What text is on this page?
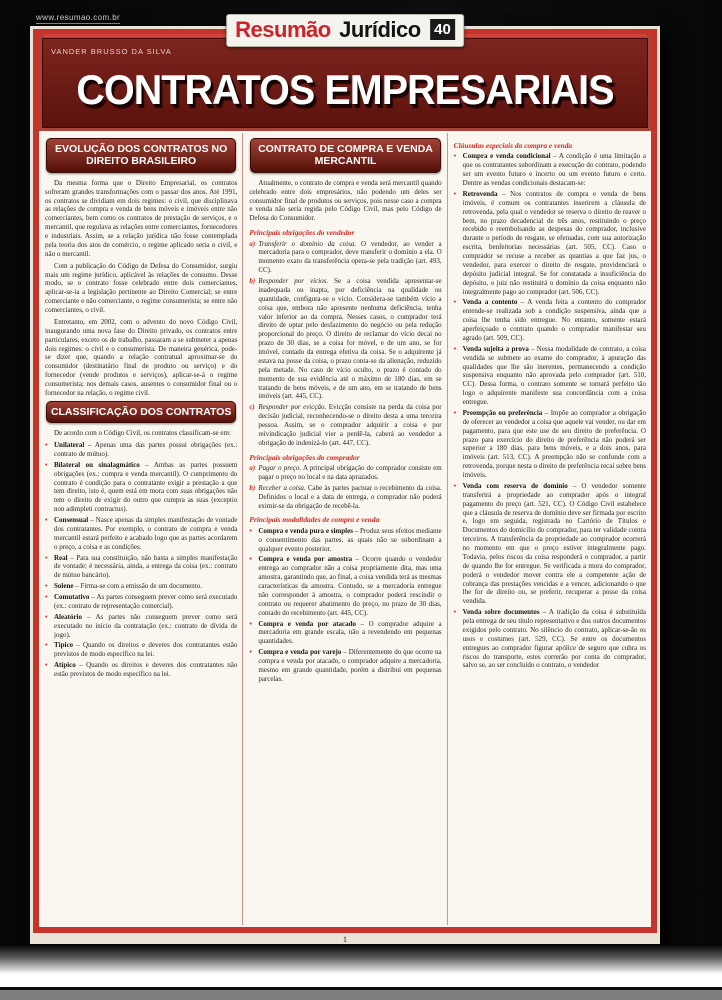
www.resumao.com.br	Resumão Jurídico 40
VANDER BRUSSO DA SILVA
CONTRATOS EMPRESARIAIS
EVOLUÇÃO DOS CONTRATOS NO DIREITO BRASILEIRO
Da mesma forma que o Direito Empresarial, os contratos sofreram grandes transformações com o passar dos anos. Até 1991, os contratos se dividiam em dois regimes: o civil, que disciplinava as relações de compra e venda de bens móveis e imóveis entre não comerciantes, bem como os contratos de prestação de serviços, e o mercantil, que regulava as relações entre comerciantes, fornecedores e industriais. Assim, se a relação jurídica não fosse contemplada pela teoria dos atos de comércio, o regime aplicado seria o civil, e não o mercantil.
Com a publicação do Código de Defesa do Consumidor, surgiu mais um regime jurídico, aplicável às relações de consumo. Desse modo, se o contrato fosse celebrado entre dois comerciantes, aplicar-se-ia a legislação pertinente ao Direito Comercial; se entre comerciante e não comerciante, o regime consumerista; se entre não comerciantes, o civil.
Entretanto, em 2002, com o advento do novo Código Civil, inaugurando uma nova fase do Direito privado, os contratos entre particulares, exceto os de trabalho, passaram a se submeter a apenas dois regimes: o civil e o consumerista. De maneira genérica, pode-se dizer que, quando a relação contratual aproximar-se do consumidor (destinatário final de produto ou serviço) e do fornecedor (vende produtos e serviços), aplicar-se-á o regime consumerista; nos demais casos, ausentes o consumidor final ou o fornecedor na relação, o regime civil.
CLASSIFICAÇÃO DOS CONTRATOS
De acordo com o Código Civil, os contratos classificam-se em:
• Unilateral – Apenas uma das partes possui obrigações (ex.: contrato de mútuo).
• Bilateral ou sinalagmático – Ambas as partes possuem obrigações (ex.: compra e venda mercantil). O cumprimento do contrato é condição para o contratante exigir a prestação a que tem direito, isto é, quem está em mora com suas obrigações não tem o direito de exigir do outro que cumpra as suas (exceptio non adimpleti contractus).
• Consensual – Nasce apenas da simples manifestação de vontade dos contratantes. Por exemplo, o contrato de compra e venda mercantil estará perfeito e acabado logo que as partes acordarem o preço, a coisa e as condições.
• Real – Para sua constituição, não basta a simples manifestação de vontade; é necessária, ainda, a entrega da coisa (ex.: contrato de mútuo bancário).
• Solene – Firma-se com a emissão de um documento.
• Comutativo – As partes conseguem prever como será executado (ex.: contrato de representação comercial).
• Aleatório – As partes não conseguem prever como será executado no início da contratação (ex.: contrato de dívida de jogo).
• Típico – Quando os direitos e deveres dos contratantes estão previstos de modo específico na lei.
• Atípico – Quando os direitos e deveres dos contratantes não estão previstos de modo específico na lei.
CONTRATO DE COMPRA E VENDA MERCANTIL
Atualmente, o contrato de compra e venda será mercantil quando celebrado entre dois empresários, não podendo um deles ser consumidor final de produtos ou serviços, pois nesse caso a compra e venda não seria regida pelo Código Civil, mas pelo Código de Defesa do Consumidor.
Principais obrigações do vendedor
a) Transferir o domínio da coisa. O vendedor, ao vender a mercadoria para o comprador, deve transferir o domínio a ela. O momento exato da transferência opera-se pela tradição (art. 493, CC).
b) Responder por vícios. Se a coisa vendida apresentar-se inadequada ou inapta, por deficiência na qualidade ou quantidade, configura-se o vício. Considera-se também vício a coisa que, embora não apresente nenhuma deficiência, tenha valor inferior ao da compra. Nesses casos, o comprador terá direito de optar pelo desfazimento do negócio ou pela redução proporcional do preço. O direito de reclamar do vício decai no prazo de 30 dias, se a coisa for móvel, e de um ano, se for imóvel, contado da entrega efetiva da coisa. Se o adquirente já estava na posse da coisa, o prazo conta-se da alienação, reduzido pela metade. No caso de vício oculto, o prazo é contado do momento de sua evidência até o máximo de 180 dias, em se tratando de bens móveis, e de um ano, em se tratando de bens imóveis (art. 445, CC).
c) Responder por evicção. Evicção consiste na perda da coisa por decisão judicial, reconhecendo-se o direito desta a uma terceira pessoa. Assim, se o comprador adquirir a coisa e por reivindicação judicial vier a perdê-la, caberá ao vendedor a obrigação de indenizá-lo (art. 447, CC).
Principais obrigações do comprador
a) Pagar o preço. A principal obrigação do comprador consiste em pagar o preço no local e na data aprazados.
b) Receber a coisa. Cabe às partes pactuar o recebimento da coisa. Definidos o local e a data de entrega, o comprador não poderá eximir-se da obrigação de recebê-la.
Principais modalidades de compra e venda
• Compra e venda pura e simples – Produz seus efeitos mediante o consentimento das partes, as quais não se subordinam a qualquer evento posterior.
• Compra e venda por amostra – Ocorre quando o vendedor entrega ao comprador não a coisa propriamente dita, mas uma amostra, garantindo que, ao final, a coisa vendida terá as mesmas características da amostra. Contudo, se a mercadoria entregue não corresponder à amostra, o comprador poderá rescindir o contrato ou requerer abatimento do preço, no prazo de 30 dias, contado do recebimento (art. 445, CC).
• Compra e venda por atacado – O comprador adquire a mercadoria em grande escala, não a revendendo em pequenas quantidades.
• Compra e venda por varejo – Diferentemente do que ocorre na compra e venda por atacado, o comprador adquire a mercadoria, mesmo em grande quantidade, porém a distribui em pequenas parcelas.
Cláusulas especiais da compra e venda
• Compra e venda condicional – A condição é uma limitação a que os contratantes subordinam a execução do contrato, podendo ser um evento futuro e incerto ou um evento futuro e certo. Dentre as vendas condicionais destacam-se:
• Retrovenda – Nos contratos de compra e venda de bens imóveis, é comum os contratantes inserirem a cláusula de retrovenda, pela qual o vendedor se reserva o direito de reaver o bem, no prazo decadencial de três anos, restituindo o preço recebido e reembolsando as despesas do comprador, inclusive durante o período de resgate, se efetuadas, com sua autorização escrita, benfeitorias necessárias (art. 505, CC). Caso o comprador se recuse a receber as quantias a que faz jus, o vendedor, para exercer o direito de resgate, providenciará o depósito judicial integral. Se for constatada a insuficiência do depósito, o juiz não restituirá o domínio da coisa enquanto não integralmente pago ao comprador (art. 506, CC).
• Venda a contento – A venda feita a contento do comprador entende-se realizada sob a condição suspensiva, ainda que a coisa lhe tenha sido entregue. No entanto, somente estará aperfeiçoado o contrato quando o comprador manifestar seu agrado (art. 509, CC).
• Venda sujeita a prova – Nessa modalidade de contrato, a coisa vendida se submete ao exame do comprador, à apuração das qualidades que lhe são inerentes, permanecendo a condição suspensiva enquanto não aprovada pelo comprador (art. 510, CC). Dessa forma, o contrato somente se tornará perfeito tão logo o adquirente manifeste sua concordância com a coisa entregue.
• Preempção ou preferência – Impõe ao comprador a obrigação de oferecer ao vendedor a coisa que aquele vai vender, ou dar em pagamento, para que este use de seu direito de preferência. O prazo para exercício do direito de preferência não poderá ser superior a 180 dias, para bens móveis, e a dois anos, para imóveis (art. 513, CC). A preempção não se confunde com a retrovenda, porque nesta o direito de preferência recai sobre bens imóveis.
• Venda com reserva de domínio – O vendedor somente transferirá a propriedade ao comprador após o integral pagamento do preço (art. 521, CC). O Código Civil estabelece que a cláusula de reserva de domínio deve ser firmada por escrito e, logo em seguida, registrada no Cartório de Títulos e Documentos do domicílio do comprador, para ter validade contra terceiros. A transferência da propriedade ao comprador ocorrerá no momento em que o preço estiver integralmente pago. Todavia, pelos riscos da coisa responderá o comprador, a partir de quando lhe for entregue. Se verificada a mora do comprador, poderá o vendedor mover contra ele a competente ação de cobrança das prestações vencidas e a vencer, adicionando o que lhe for de direito ou, se preferir, recuperar a posse da coisa vendida.
• Venda sobre documentos – A tradição da coisa é substituída pela entrega de seu título representativo e dos outros documentos exigidos pelo contrato. No silêncio do contrato, aplicar-se-ão os usos e costumes (art. 529, CC). Se entre os documentos entregues ao comprador figurar apólice de seguro que cubra os riscos do transporte, estes correrão por conta do comprador, salvo se, ao ser concluído o contrato, o vendedor
1
